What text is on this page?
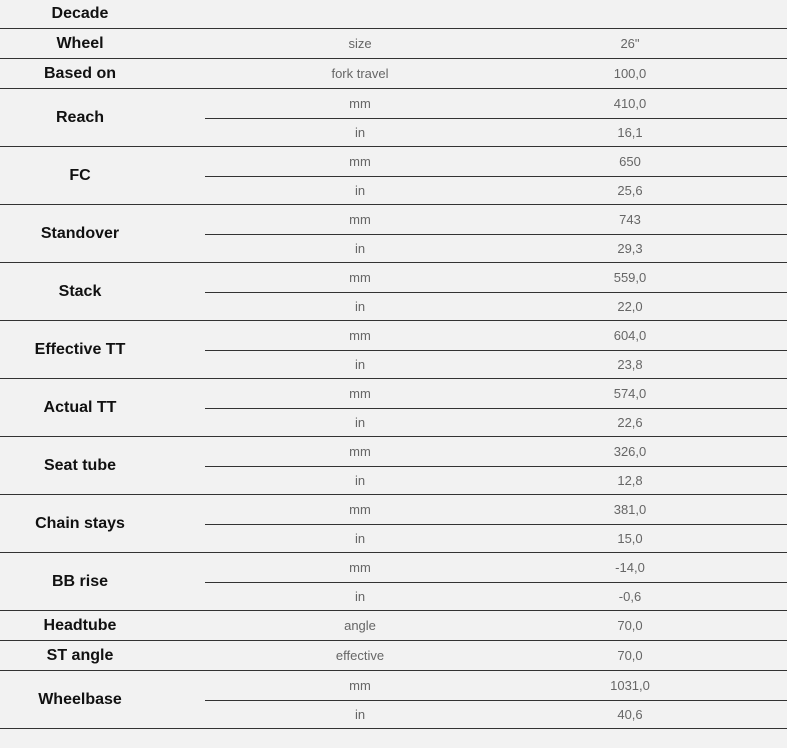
Decade
Wheel	size	26"
Based on	fork travel	100,0
Reach
mm	410,0
in	16,1
FC
mm	650
in	25,6
Standover
mm	743
in	29,3
Stack
mm	559,0
in	22,0
Effective TT
mm	604,0
in	23,8
Actual TT
mm	574,0
in	22,6
Seat tube
mm	326,0
in	12,8
Chain stays
mm	381,0
in	15,0
BB rise
mm	-14,0
in	-0,6
Headtube	angle	70,0
ST angle	effective	70,0
Wheelbase
mm	1031,0
in	40,6
